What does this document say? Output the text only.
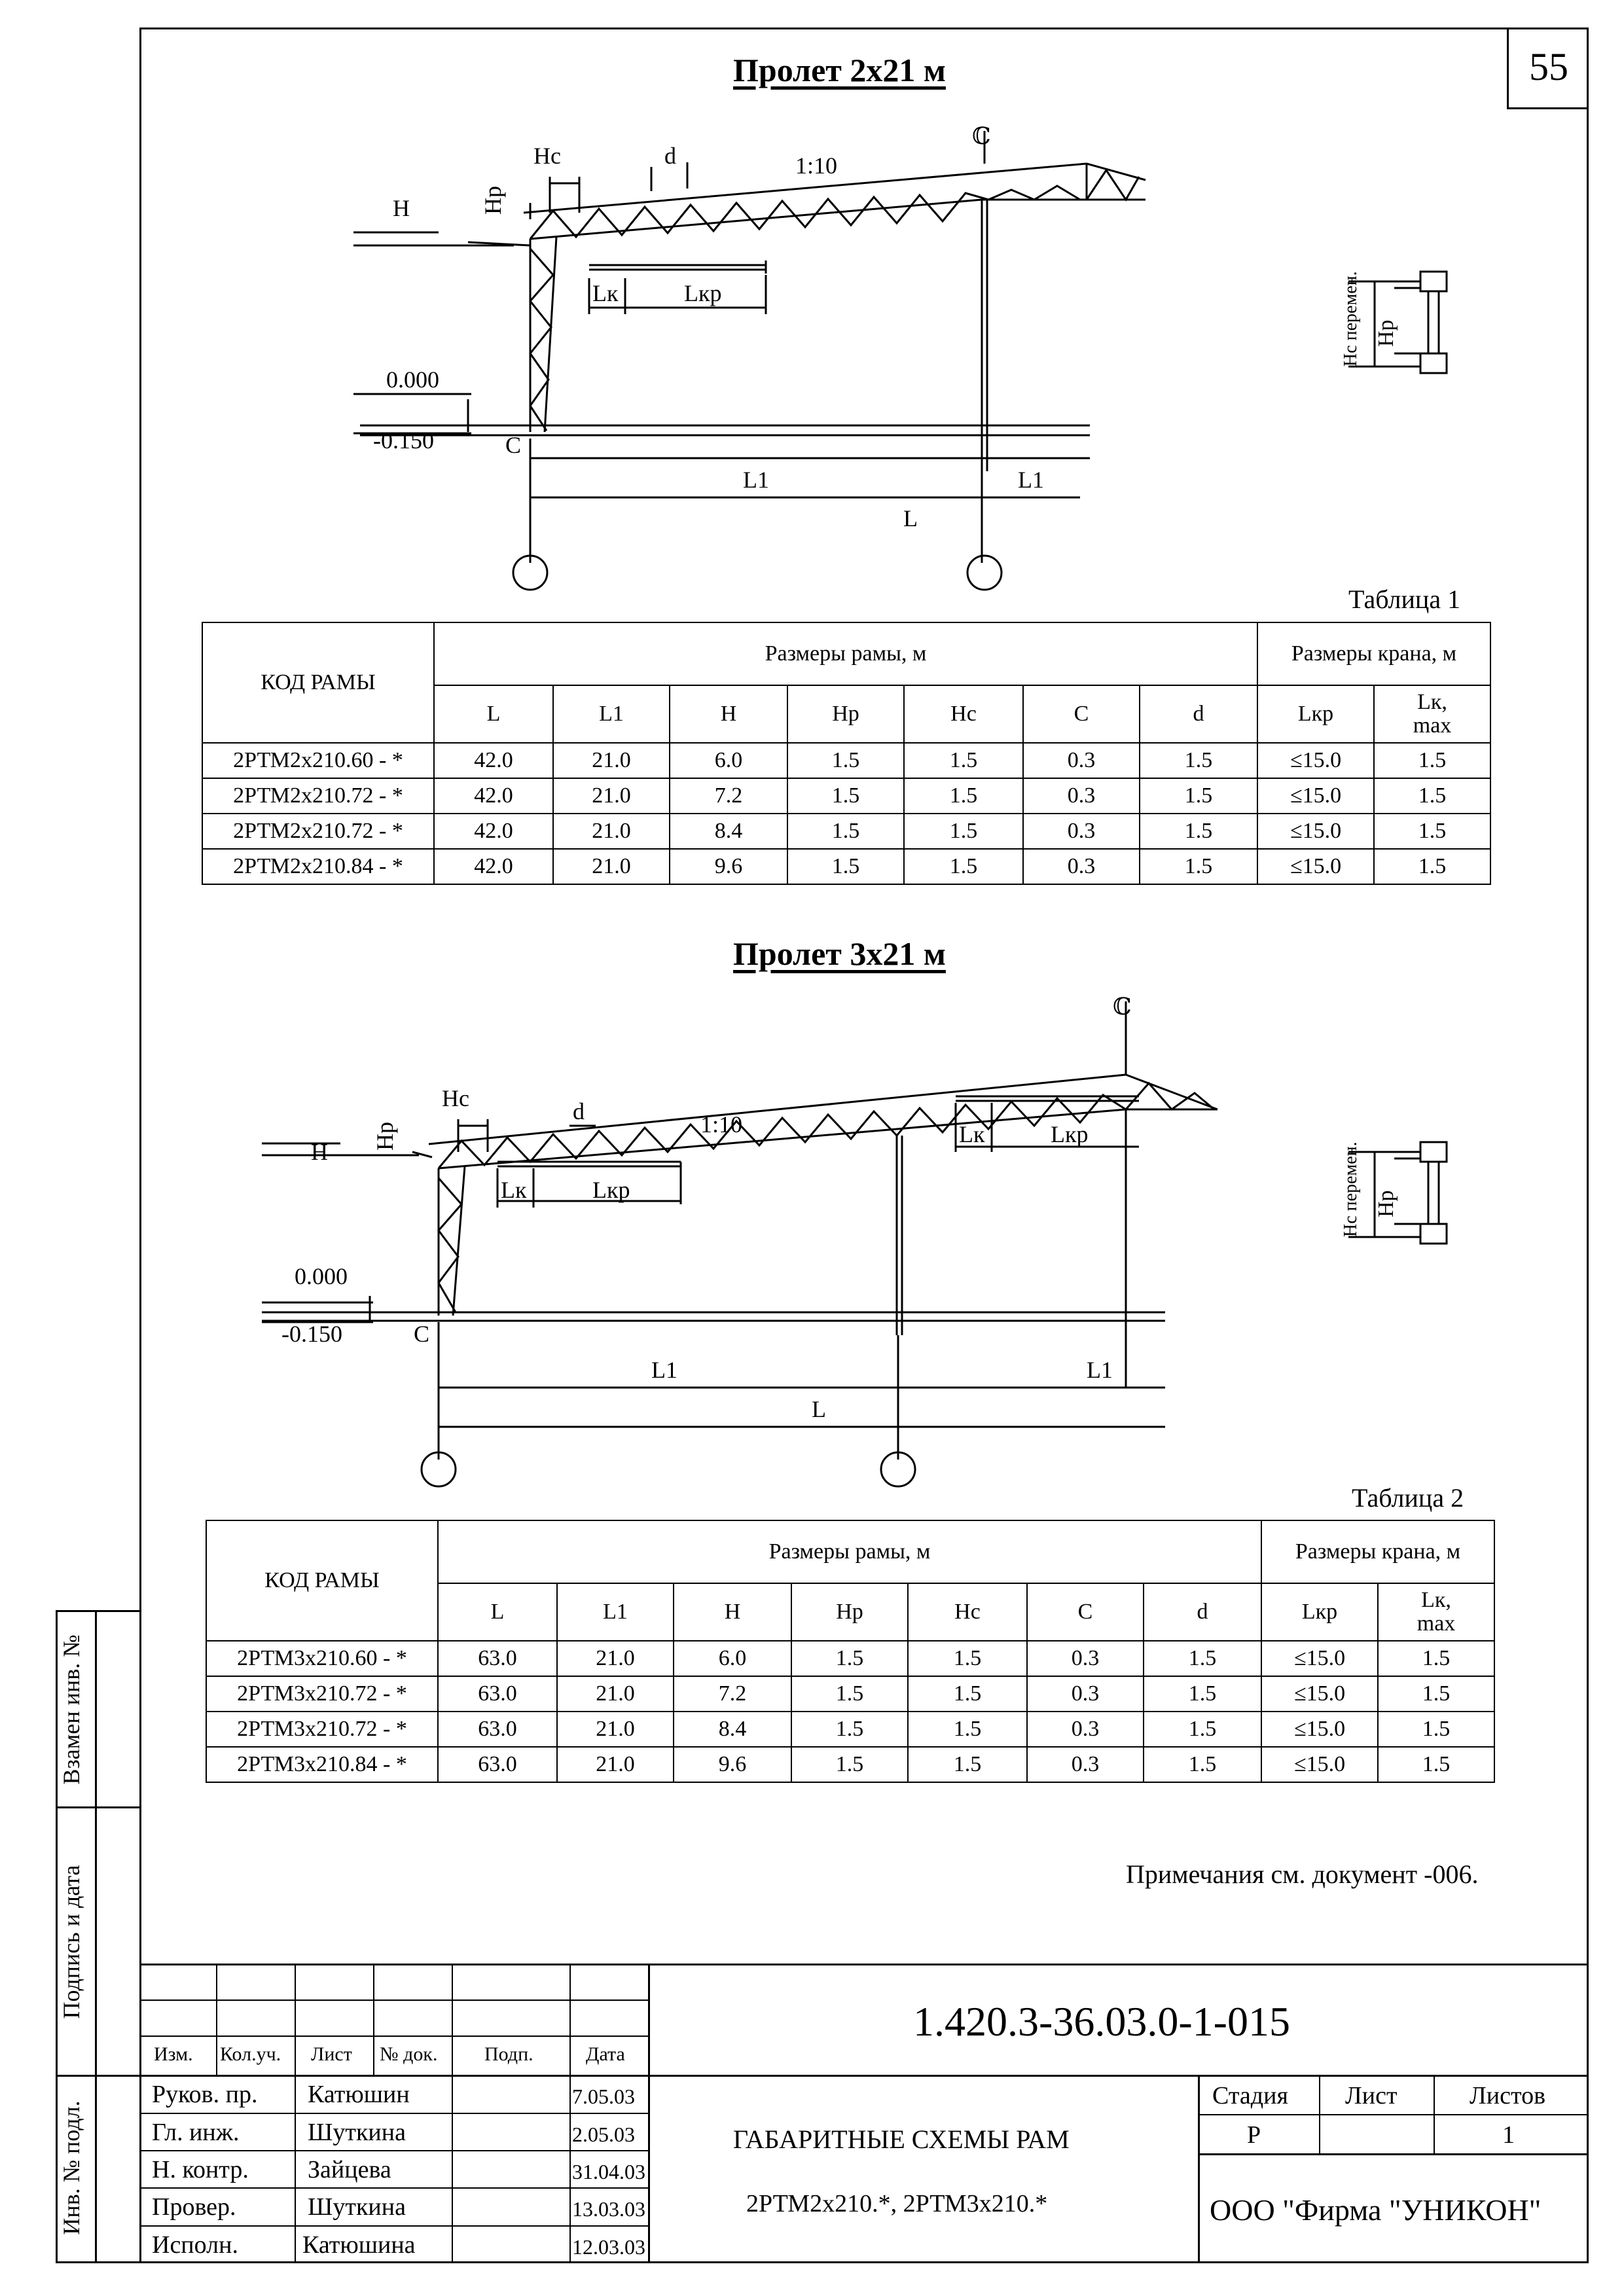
55
Взамен инв. №
Подпись и дата
Инв. № подл.
Пролет 2х21 м
H	Hр
Hс	d	1:10
Lк	Lкр
0.000
-0.150	C
L1	L1
L
ℂ
Hс перемен. Hр
Таблица 1
КОД РАМЫ	Размеры рамы, м							Размеры крана, м	
	L	L1	H	Hр	Hс	C	d	Lкр	Lк,
max
2РТМ2х210.60 - *	42.0	21.0	6.0	1.5	1.5	0.3	1.5	≤15.0	1.5
2РТМ2х210.72 - *	42.0	21.0	7.2	1.5	1.5	0.3	1.5	≤15.0	1.5
2РТМ2х210.72 - *	42.0	21.0	8.4	1.5	1.5	0.3	1.5	≤15.0	1.5
2РТМ2х210.84 - *	42.0	21.0	9.6	1.5	1.5	0.3	1.5	≤15.0	1.5
Пролет 3х21 м
H
Hр
Hс	d	1:10
Lк	Lкр
Lк	Lкр
0.000
-0.150	C
L1	L1
L
ℂ
Hс перемен. Hр
Таблица 2
КОД РАМЫ	Размеры рамы, м							Размеры крана, м	
	L	L1	H	Hр	Hс	C	d	Lкр	Lк,
max
2РТМ3х210.60 - *	63.0	21.0	6.0	1.5	1.5	0.3	1.5	≤15.0	1.5
2РТМ3х210.72 - *	63.0	21.0	7.2	1.5	1.5	0.3	1.5	≤15.0	1.5
2РТМ3х210.72 - *	63.0	21.0	8.4	1.5	1.5	0.3	1.5	≤15.0	1.5
2РТМ3х210.84 - *	63.0	21.0	9.6	1.5	1.5	0.3	1.5	≤15.0	1.5
Примечания см. документ -006.
Изм. Кол.уч. Лист № док. Подп.	Дата
Руков. пр. Катюшин	7.05.03
Гл. инж.	Шуткина	2.05.03
Н. контр. Зайцева	31.04.03
Провер.	Шуткина	13.03.03
Исполн.	Катюшина	12.03.03
1.420.3-36.03.0-1-015
Стадия Лист	Листов
Р	1
ГАБАРИТНЫЕ СХЕМЫ РАМ
2РТМ2х210.*, 2РТМ3х210.*	ООО "Фирма "УНИКОН"
